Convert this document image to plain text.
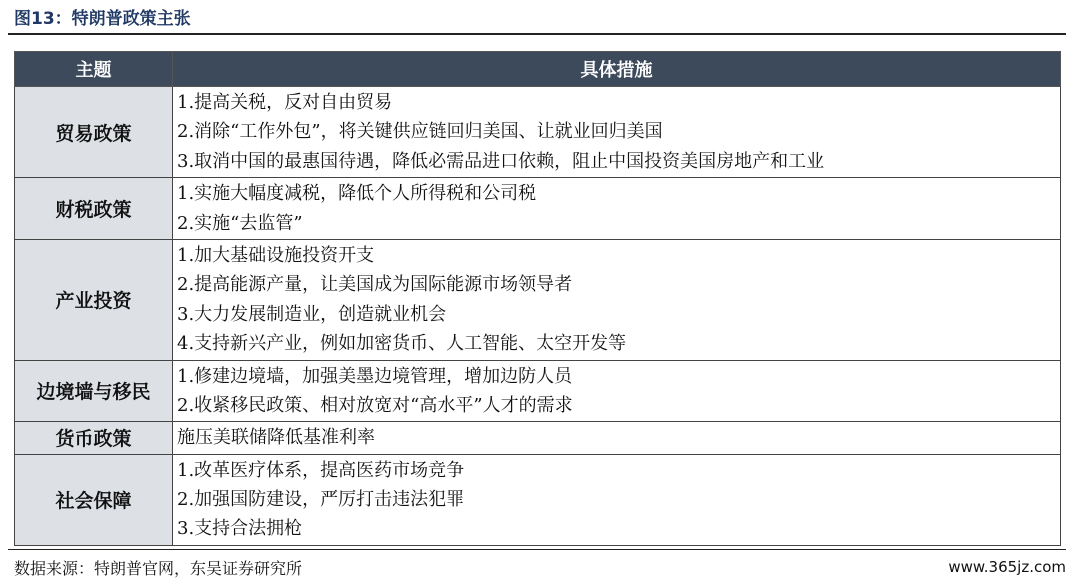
图13：特朗普政策主张
主题	具体措施
贸易政策	1.提高关税，反对自由贸易
2.消除“工作外包”，将关键供应链回归美国、让就业回归美国
3.取消中国的最惠国待遇，降低必需品进口依赖，阻止中国投资美国房地产和工业

财税政策	1.实施大幅度减税，降低个人所得税和公司税
2.实施“去监管”

产业投资	1.加大基础设施投资开支
2.提高能源产量，让美国成为国际能源市场领导者
3.大力发展制造业，创造就业机会
4.支持新兴产业，例如加密货币、人工智能、太空开发等

边境墙与移民	1.修建边境墙，加强美墨边境管理，增加边防人员
2.收紧移民政策、相对放宽对“高水平”人才的需求

货币政策	施压美联储降低基准利率

社会保障	1.改革医疗体系，提高医药市场竞争
2.加强国防建设，严厉打击违法犯罪
3.支持合法拥枪
数据来源：特朗普官网，东吴证券研究所	www.365jz.com
